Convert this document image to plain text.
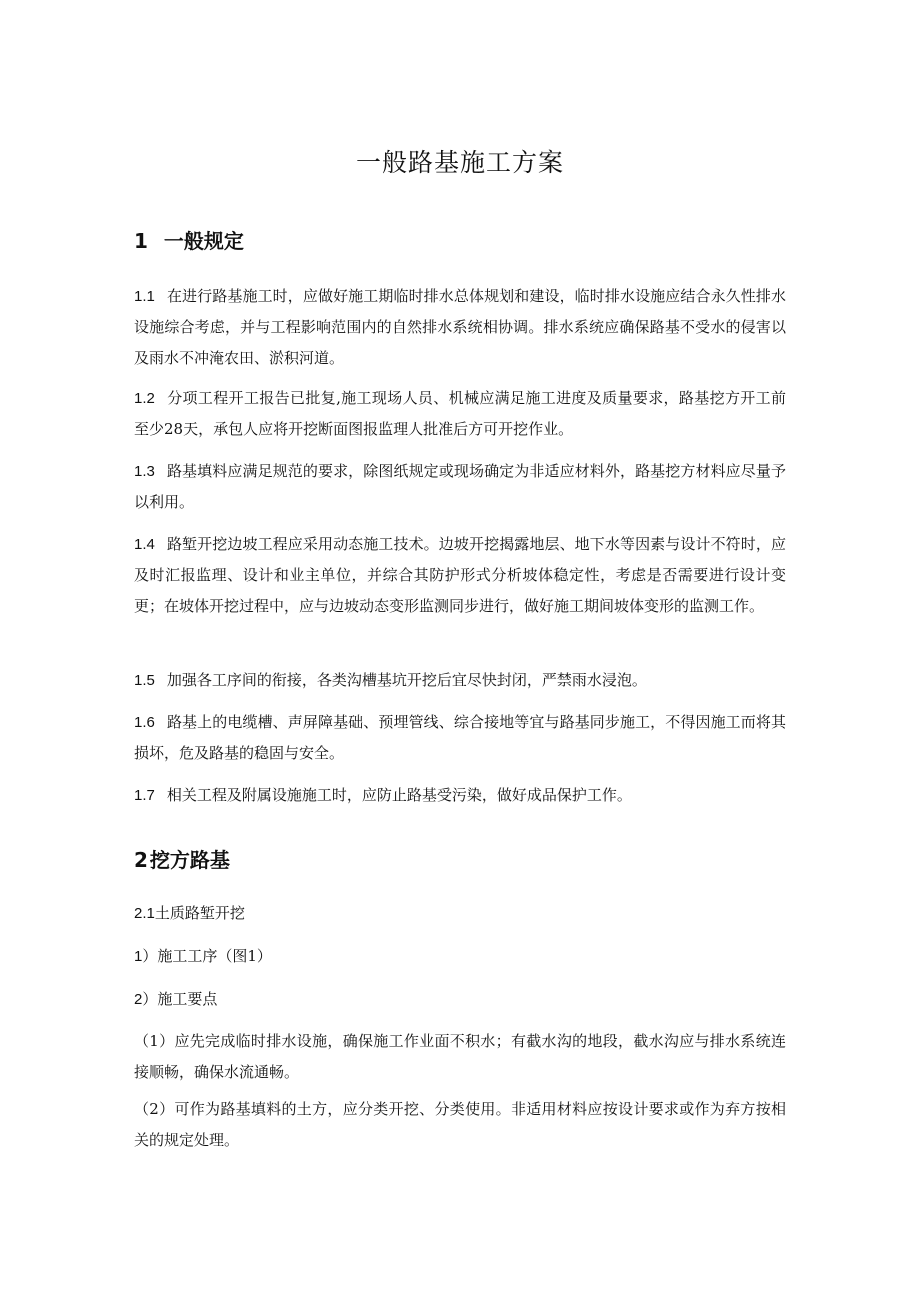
一般路基施工方案
1 一般规定

1.1 在进行路基施工时，应做好施工期临时排水总体规划和建设，临时排水设施应结合永久性排水设施综合考虑，并与工程影响范围内的自然排水系统相协调。排水系统应确保路基不受水的侵害以及雨水不冲淹农田、淤积河道。

1.2 分项工程开工报告已批复,施工现场人员、机械应满足施工进度及质量要求，路基挖方开工前至少28天，承包人应将开挖断面图报监理人批准后方可开挖作业。

1.3 路基填料应满足规范的要求，除图纸规定或现场确定为非适应材料外，路基挖方材料应尽量予以利用。

1.4 路堑开挖边坡工程应采用动态施工技术。边坡开挖揭露地层、地下水等因素与设计不符时，应及时汇报监理、设计和业主单位，并综合其防护形式分析坡体稳定性，考虑是否需要进行设计变更；在坡体开挖过程中，应与边坡动态变形监测同步进行，做好施工期间坡体变形的监测工作。

1.5 加强各工序间的衔接，各类沟槽基坑开挖后宜尽快封闭，严禁雨水浸泡。

1.6 路基上的电缆槽、声屏障基础、预埋管线、综合接地等宜与路基同步施工，不得因施工而将其损坏，危及路基的稳固与安全。

1.7 相关工程及附属设施施工时，应防止路基受污染，做好成品保护工作。

2 挖方路基
2.1土质路堑开挖
1）施工工序（图1）
2）施工要点

（1）应先完成临时排水设施，确保施工作业面不积水；有截水沟的地段，截水沟应与排水系统连接顺畅，确保水流通畅。

（2）可作为路基填料的土方，应分类开挖、分类使用。非适用材料应按设计要求或作为弃方按相关的规定处理。
